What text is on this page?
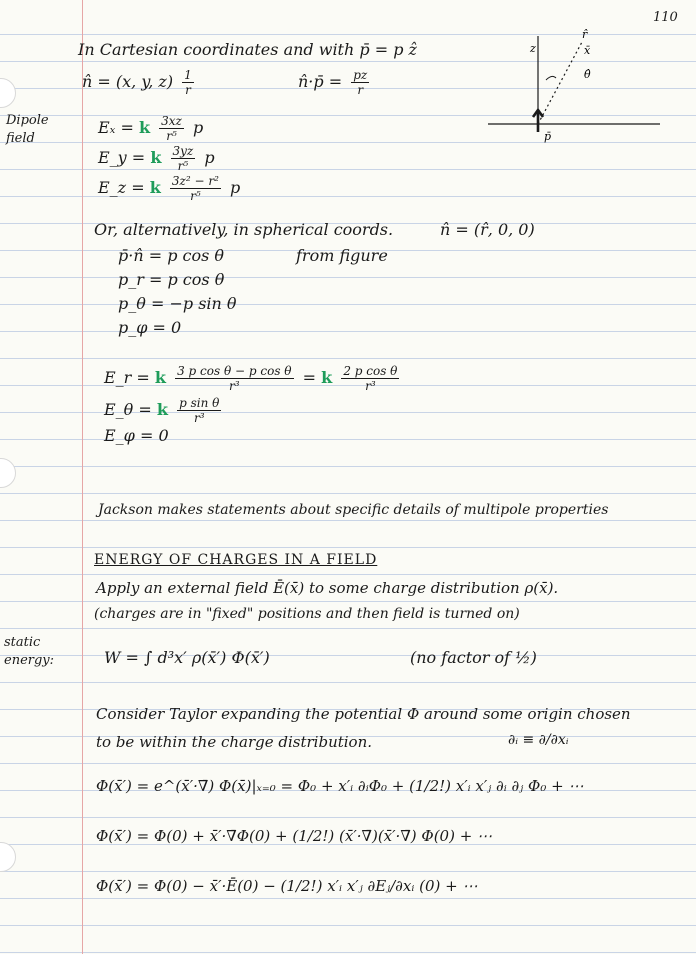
110
Dipole field
static energy:
In Cartesian coordinates and with p̄ = p ẑ
n̂ = (x, y, $z) \frac{1}{r}$	n̂·p̄ = $\frac{pz}{r}$
z
r̂
x̄
θ̂
p̄
Eₓ = k $\frac{3xz}{\text{r⁵}}$ p
E_y = k $\frac{3yz}{\text{r⁵}}$ p
E_z = k $\frac{\text{3z² − r²}}{\text{r⁵}}$ p
Or, alternatively, in spherical coords.	n̂ = (r̂, 0, 0)
p̄·n̂ = p cos θ	from figure
p_r = p cos θ
p_θ = −p sin θ
p_φ = 0
E_r = k $\frac{\text{3 p cos θ − p cos θ}}{\text{r³}} = k \frac{\text{2 p cos θ}}{\text{r³}}$
E_θ = k $\frac{\text{p sin θ}}{\text{r³}}$
E_φ = 0
Jackson makes statements about specific details of multipole properties
ENERGY OF CHARGES IN A FIELD
Apply an external field Ē(x̄) to some charge distribution ρ(x̄).
(charges are in "fixed" positions and then field is turned on)
W = ∫ d³x′ ρ(x̄′) Φ(x̄′)	(no factor of ½)
Consider Taylor expanding the potential Φ around some origin chosen
to be within the charge distribution.	∂ᵢ ≡ ∂/∂xᵢ
Φ(x̄′) = e^(x̄′·∇̄) Φ(x̄)|ₓ₌₀ = Φ₀ + x′ᵢ ∂ᵢΦ₀ + (1/2!) x′ᵢ x′ⱼ ∂ᵢ ∂ⱼ Φ₀ + ⋯
Φ(x̄′) = Φ(0) + x̄′·∇̄Φ(0) + (1/2!) (x̄′·∇̄)(x̄′·∇̄) Φ(0) + ⋯
Φ(x̄′) = Φ(0) − x̄′·Ē(0) − (1/2!) x′ᵢ x′ⱼ ∂Eⱼ/∂xᵢ (0) + ⋯
